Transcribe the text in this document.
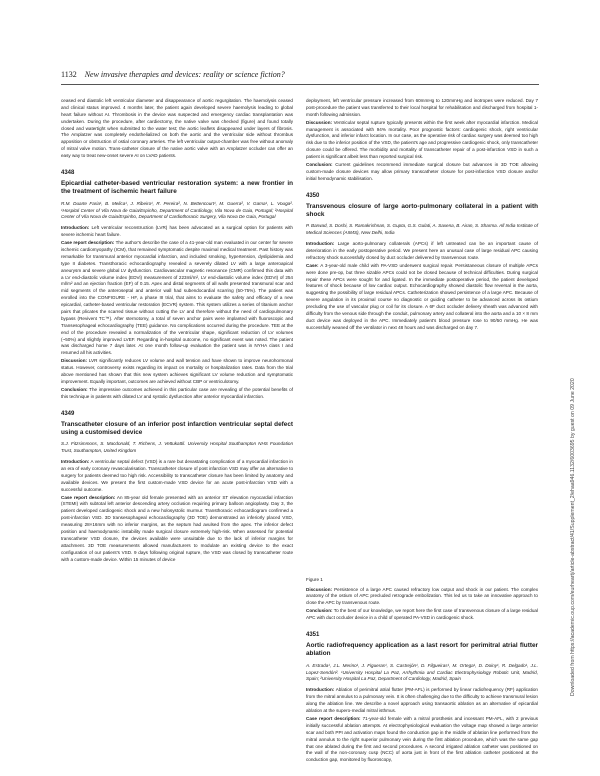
1132 New invasive therapies and devices: reality or science fiction?

ceased end diastolic left ventricular diameter and disappearance of aortic regurgitation. The haemolysis ceased and clinical status improved. 4 months later, the patient again developed severe haemolysis leading to global heart failure without AI. Thrombosis in the device was suspected and emergency cardiac transplantation was undertaken. During the procedure, after cardiectomy, the native valve was checked (figure) and found totally closed and watertight when submitted to the water test; the aortic leaflets disappeared under layers of fibrosis. The Amplatzer was completely endothelialized on both the aortic and the ventricular side without thrombus apposition or obstruction of ostial coronary arteries. The left ventricular output-chamber was free without anomaly of mitral valve motion. Trans-catheter closure of the native aortic valve with an Amplatzer occluder can offer an easy way to treat new-onset severe AI on LVAD patients.

4348
Epicardial catheter-based ventricular restoration system: a new frontier in the treatment of ischemic heart failure
R.M. Duarte Faria¹, B. Melica¹, J. Ribeiro¹, R. Pereira², N. Bettencourt¹, M. Guerra², V. Gama¹, L. Vouga². ¹Hospital Center of Vila Nova de Gaia/Espinho, Department of Cardiology, Vila Nova de Gaia, Portugal; ²Hospital Center of Vila Nova de Gaia/Espinho, Department of Cardiothoracic Surgery, Vila Nova De Gaia, Portugal

Introduction: Left ventricular reconstruction (LVR) has been advocated as a surgical option for patients with severe ischemic heart failure.

Case report description: The author's describe the case of a 41-year-old man evaluated in our center for severe ischemic cardiomyopathy (ICM), that remained symptomatic despite maximal medical treatment. Past history was remarkable for transmural anterior myocardial infarction, and included smoking, hypertension, dyslipidemia and type II diabetes. Transthoracic echocardiography revealed a severely dilated LV with a large anteroapical aneurysm and severe global LV dysfunction. Cardiovascular magnetic resonance (CMR) confirmed this data with a LV end-diastolic volume index (EDVi) measurement of 223ml/m², LV end-diastolic volume index (EDVI) of 254 ml/m² and an ejection fraction (EF) of 0.15. Apex and distal segments of all walls presented transmural scar and mid segments of the anteroseptal and anterior wall had subendocardial scarring (50-75%). The patient was enrolled into the CONFIGURE - HF, a phase III trial, that aims to evaluate the safety and efficacy of a new epicardial, catheter-based ventricular restoration (ECVR) system. This system utilizes a series of titanium anchor pairs that plicates the scarred tissue without cutting the LV and therefore without the need of cardiopulmonary bypass (Revivent TC™). After sternotomy, a total of seven anchor pairs were implanted with fluoroscopic and Transesophageal echocardiography (TEE) guidance. No complications occurred during the procedure. TEE at the end of the procedure revealed a normalization of the ventricular shape, significant reduction of LV volumes (~50%) and slightly improved LVEF. Regarding in-hospital outcome, no significant event was noted. The patient was discharged home 7 days later. At one month follow-up evaluation the patient was in NYHA class I and resumed all his activities.

Discussion: LVR significantly reduces LV volume and wall tension and have shown to improve neurohormonal status. However, controversy exists regarding its impact on mortality or hospitalization rates. Data from the trial above mentioned has shown that this new system achieves significant LV volume reduction and symptomatic improvement. Equally important, outcomes are achieved without CBP or ventriculotomy.

Conclusion: The impressive outcomes achieved in this particular case are revealing of the potential benefits of this technique in patients with dilated LV and systolic dysfunction after anterior myocardial infarction.

4349
Transcatheter closure of an inferior post infarction ventricular septal defect using a customised device
S.J. Fitzsimmons, S. Macdonald, T. Richens, J. Vettukattil. University Hospital Southampton NHS Foundation Trust, Southampton, United Kingdom

Introduction: A ventricular septal defect (VSD) is a rare but devastating complication of a myocardial infarction in an era of early coronary revascularisation. Transcatheter closure of post infarction VSD may offer an alternative to surgery for patients deemed too high risk. Accessibility to transcatheter closure has been limited by anatomy and available devices. We present the first custom-made VSD device for an acute post-infarction VSD with a successful outcome.

Case report description: An 85-year old female presented with an anterior ST elevation myocardial infarction (STEMI) with subtotal left anterior descending artery occlusion requiring primary balloon angioplasty. Day 3, the patient developed cardiogenic shock and a new holosystolic murmur. Transthoracic echocardiogram confirmed a post-infarction VSD. 3D transesophageal echocardiography (3D TOE) demonstrated an inferiorly placed VSD, measuring 28×16mm with no inferior margins, as the septum had avulsed from the apex. The inferior defect position and haemodynamic instability made surgical closure extremely high-risk. When assessed for potential transcatheter VSD closure, the devices available were unsuitable due to the lack of inferior margins for attachment. 3D TOE measurements allowed manufacturers to modulate an existing device to the exact configuration of our patient's VSD. 9 days following original rupture, the VSD was closed by transcatheter route with a custom-made device. Within 15 minutes of device

deployment, left ventricular pressure increased from 60mmHg to 120mmHg and inotropes were reduced. Day 7 post-procedure the patient was transferred to their local hospital for rehabilitation and discharged from hospital 1-month following admission.

Discussion: Ventricular septal rupture typically presents within the first week after myocardial infarction. Medical management is associated with 94% mortality. Poor prognostic factors: cardiogenic shock, right ventricular dysfunction, and inferior infarct location. In our case, as the operative risk of cardiac surgery was deemed too high risk due to the inferior position of the VSD, the patient's age and progressive cardiogenic shock, only transcatheter closure could be offered. The morbidity and mortality of transcatheter repair of a post-infarction VSD in such a patient is significant albeit less than reported surgical risk.

Conclusion: Current guidelines recommend immediate surgical closure but advances in 3D TOE allowing custom-made closure devices may allow primary transcatheter closure for post-infarction VSD closure and/or initial hemodynamic stabilisation.

4350
Transvenous closure of large aorto-pulmonary collateral in a patient with shock
P. Barwad, S. Doshi, S. Ramakrishnan, S. Gupta, G.S. Gulati, A. Saxena, B. Airan, S. Sharma. All India Institute of Medical Sciences (AIIMS), New Delhi, India

Introduction: Large aorto-pulmonary collaterals (APCs) if left untreated can be an important cause of deterioration in the early postoperative period. We present here an unusual case of large residual APC causing refractory shock successfully closed by duct occluder delivered by transvenous route.

Case: A 3-year-old male child with PA-VSD underwent surgical repair. Persistaneous closure of multiple APCs were done pre-op, but three sizable APCs could not be closed because of technical difficulties. During surgical repair these APCs were sought for and ligated. In the immediate postoperative period, the patient developed features of shock because of low cardiac output. Echocardiography showed diastolic flow reversal in the aorta, suggesting the possibility of large residual APCs. Catheterization showed persistence of a large APC. Because of severe angulation in its proximal course no diagnostic or guiding catheter to be advanced across its ostium precluding the use of vascular plug or coil for its closure. A 6F duct occluder delivery sheath was advanced with difficulty from the venous side through the conduit, pulmonary artery and collateral into the aorta and a 10 × 8 mm duct device was deployed in the APC. Immediately patient's blood pressure rose to 90/50 mmHg. He was successfully weaned off the ventilator in next 48 hours and was discharged on day 7.

Figure 1

Discussion: Persistence of a large APC caused refractory low output and shock in our patient. The complex anatomy of the ostium of APC precluded retrograde embolization. This led us to take an innovative approach to close the APC by transvenous route.

Conclusion: To the best of our knowledge, we report here the first case of transvenous closure of a large residual APC with duct occluder device in a child of operated PA-VSD in cardiogenic shock.

4351
Aortic radiofrequency application as a last resort for perimitral atrial flutter ablation
A. Estrada¹, J.L. Merino¹, J. Figueras¹, S. Castrejón¹, D. Filgueiras¹, M. Ortega¹, D. Doiny¹, R. Delgado¹, J.L. Lopez-Sendón². ¹University Hospital La Paz, Arrhythmia and Cardiac Electrophysiology Robotic Unit, Madrid, Spain; ²University Hospital La Paz, Department of Cardiology, Madrid, Spain

Introduction: Ablation of perimitral atrial flutter (PM-AFL) is performed by linear radiofrequency (RF) application from the mitral annulus to a pulmonary vein. It is often challenging due to the difficulty to achieve transmural lesion along the ablation line. We describe a novel approach using transaortic ablation as an alternative of epicardial ablation at the supero-medial mitral isthmus.

Case report description: 71-year-old female with a mitral prosthesis and incessant PM-AFL, with 2 previous initially successful ablation attempts. At electrophysiological evaluation the voltage map showed a large anterior scar and both PPI and activation maps found the conduction gap in the middle of ablation line performed from the mitral annulus to the right superior pulmonary vein during the first ablation procedure, which was the same gap that one ablated during the first and second procedures. A second irrigated ablation catheter was positioned on the wall of the non-coronary cusp (NCC) of aorta just in front of the first ablation catheter positioned at the conduction gap, monitored by fluoroscopy,

Downloaded from https://academic.oup.com/eurheartj/article-abstract/41/Supplement_2/ehaa946.1132/6003695 by guest on 09 June 2020
